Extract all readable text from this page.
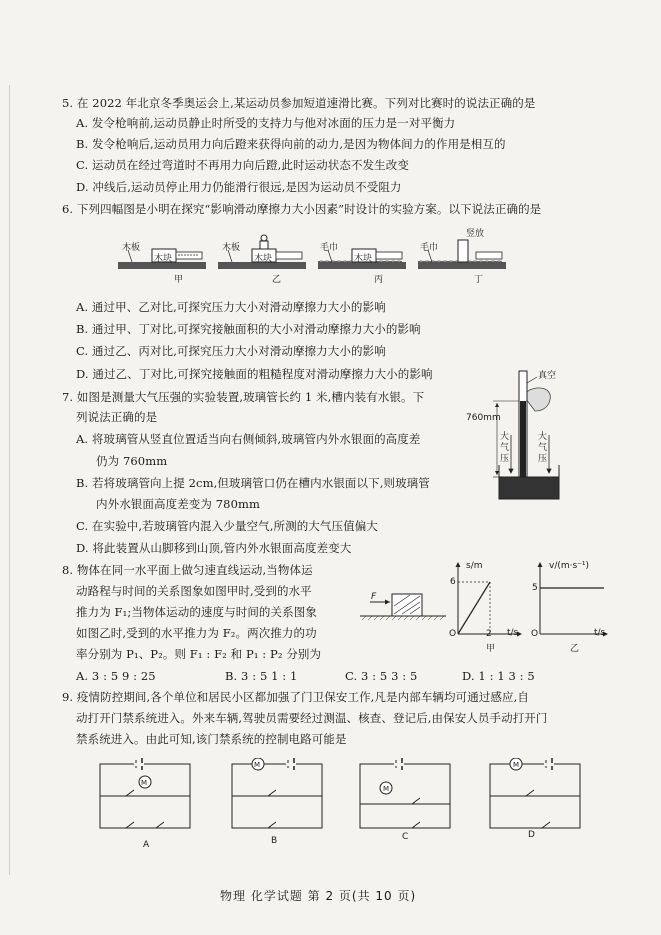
5. 在 2022 年北京冬季奥运会上,某运动员参加短道速滑比赛。下列对比赛时的说法正确的是
A. 发令枪响前,运动员静止时所受的支持力与他对冰面的压力是一对平衡力
B. 发令枪响后,运动员用力向后蹬来获得向前的动力,是因为物体间力的作用是相互的
C. 运动员在经过弯道时不再用力向后蹬,此时运动状态不发生改变
D. 冲线后,运动员停止用力仍能滑行很远,是因为运动员不受阻力
6. 下列四幅图是小明在探究“影响滑动摩擦力大小因素”时设计的实验方案。以下说法正确的是
木板
木块
甲
木板
木块
乙
毛巾
木块
丙
毛巾
竖放
丁
A. 通过甲、乙对比,可探究压力大小对滑动摩擦力大小的影响
B. 通过甲、丁对比,可探究接触面积的大小对滑动摩擦力大小的影响
C. 通过乙、丙对比,可探究压力大小对滑动摩擦力大小的影响
D. 通过乙、丁对比,可探究接触面的粗糙程度对滑动摩擦力大小的影响
7. 如图是测量大气压强的实验装置,玻璃管长约 1 米,槽内装有水银。下
列说法正确的是
A. 将玻璃管从竖直位置适当向右侧倾斜,玻璃管内外水银面的高度差
仍为 760mm
B. 若将玻璃管向上提 2cm,但玻璃管口仍在槽内水银面以下,则玻璃管
内外水银面高度差变为 780mm
C. 在实验中,若玻璃管内混入少量空气,所测的大气压值偏大
D. 将此装置从山脚移到山顶,管内外水银面高度差变大
真空
760mm
大气压
大气压
8. 物体在同一水平面上做匀速直线运动,当物体运
动路程与时间的关系图象如图甲时,受到的水平
推力为 F₁;当物体运动的速度与时间的关系图象
如图乙时,受到的水平推力为 F₂。两次推力的功
率分别为 P₁、P₂。则 F₁ : F₂ 和 P₁ : P₂ 分别为
A. 3 : 5 9 : 25	B. 3 : 5 1 : 1	C. 3 : 5 3 : 5	D. 1 : 1 3 : 5
F
s/m
6
O	2 t/s
甲
v/(m·s⁻¹)
5
O	t/s
乙
9. 疫情防控期间,各个单位和居民小区都加强了门卫保安工作,凡是内部车辆均可通过感应,自
动打开门禁系统进入。外来车辆,驾驶员需要经过测温、核查、登记后,由保安人员手动打开门
禁系统进入。由此可知,该门禁系统的控制电路可能是
M
M
M
M
A	B	C	D
物理 化学试题 第 2 页(共 10 页)
